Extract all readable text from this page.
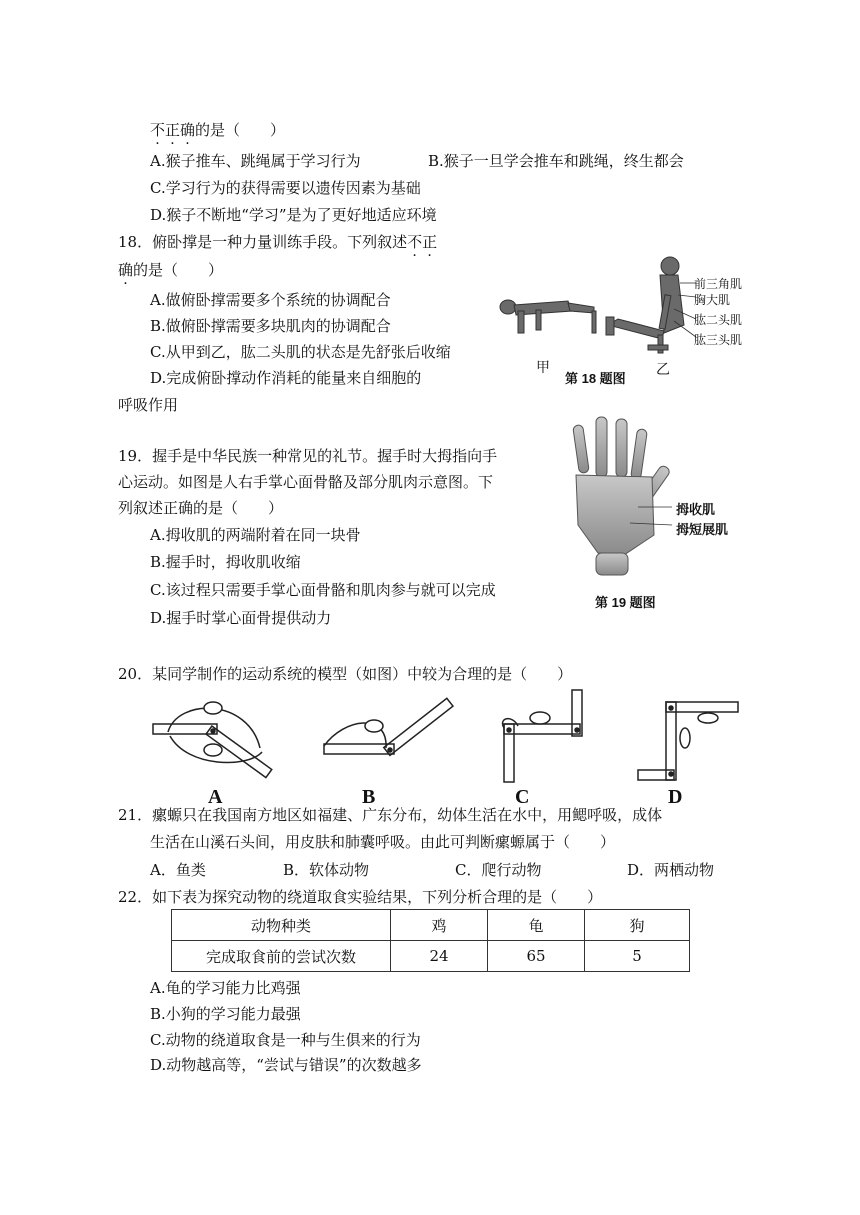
不正确的是（　　）
A.猴子推车、跳绳属于学习行为	B.猴子一旦学会推车和跳绳，终生都会
C.学习行为的获得需要以遗传因素为基础
D.猴子不断地“学习”是为了更好地适应环境
18．俯卧撑是一种力量训练手段。下列叙述不正
确的是（　　）
A.做俯卧撑需要多个系统的协调配合
B.做俯卧撑需要多块肌肉的协调配合
C.从甲到乙，肱二头肌的状态是先舒张后收缩
D.完成俯卧撑动作消耗的能量来自细胞的
呼吸作用
前三角肌
胸大肌
肱二头肌
肱三头肌
甲	乙
第 18 题图
19．握手是中华民族一种常见的礼节。握手时大拇指向手
心运动。如图是人右手掌心面骨骼及部分肌肉示意图。下
列叙述正确的是（　　）
A.拇收肌的两端附着在同一块骨
B.握手时，拇收肌收缩
C.该过程只需要手掌心面骨骼和肌肉参与就可以完成
D.握手时掌心面骨提供动力
拇收肌
拇短展肌
第 19 题图
20．某同学制作的运动系统的模型（如图）中较为合理的是（　　）
A	B	C	D
21．瘰螈只在我国南方地区如福建、广东分布，幼体生活在水中，用鳃呼吸，成体
生活在山溪石头间，用皮肤和肺囊呼吸。由此可判断瘰螈属于（　　）
A．鱼类	B．软体动物	C．爬行动物	D．两栖动物
22．如下表为探究动物的绕道取食实验结果，下列分析合理的是（　　）
动物种类	鸡	龟	狗
完成取食前的尝试次数	24	65	5
A.龟的学习能力比鸡强
B.小狗的学习能力最强
C.动物的绕道取食是一种与生俱来的行为
D.动物越高等，“尝试与错误”的次数越多
